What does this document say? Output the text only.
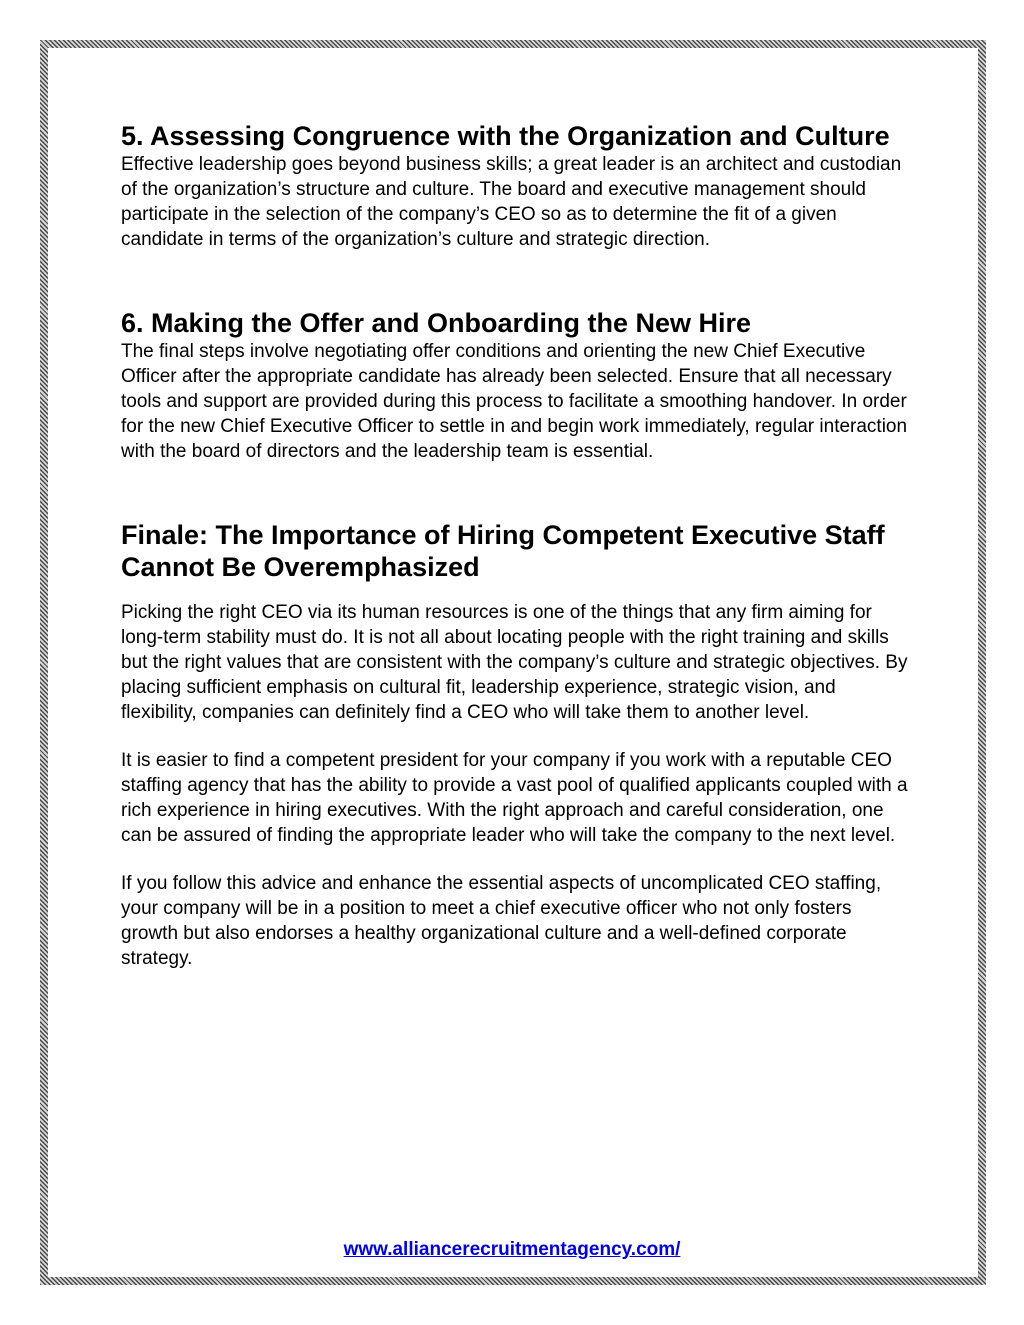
5. Assessing Congruence with the Organization and Culture

Effective leadership goes beyond business skills; a great leader is an architect and custodian of the organization’s structure and culture. The board and executive management should participate in the selection of the company’s CEO so as to determine the fit of a given candidate in terms of the organization’s culture and strategic direction.

6. Making the Offer and Onboarding the New Hire

The final steps involve negotiating offer conditions and orienting the new Chief Executive Officer after the appropriate candidate has already been selected. Ensure that all necessary tools and support are provided during this process to facilitate a smoothing handover. In order for the new Chief Executive Officer to settle in and begin work immediately, regular interaction with the board of directors and the leadership team is essential.

Finale: The Importance of Hiring Competent Executive Staff Cannot Be Overemphasized

Picking the right CEO via its human resources is one of the things that any firm aiming for long-term stability must do. It is not all about locating people with the right training and skills but the right values that are consistent with the company’s culture and strategic objectives. By placing sufficient emphasis on cultural fit, leadership experience, strategic vision, and flexibility, companies can definitely find a CEO who will take them to another level.

It is easier to find a competent president for your company if you work with a reputable CEO staffing agency that has the ability to provide a vast pool of qualified applicants coupled with a rich experience in hiring executives. With the right approach and careful consideration, one can be assured of finding the appropriate leader who will take the company to the next level.

If you follow this advice and enhance the essential aspects of uncomplicated CEO staffing, your company will be in a position to meet a chief executive officer who not only fosters growth but also endorses a healthy organizational culture and a well-defined corporate strategy.

www.alliancerecruitmentagency.com/
